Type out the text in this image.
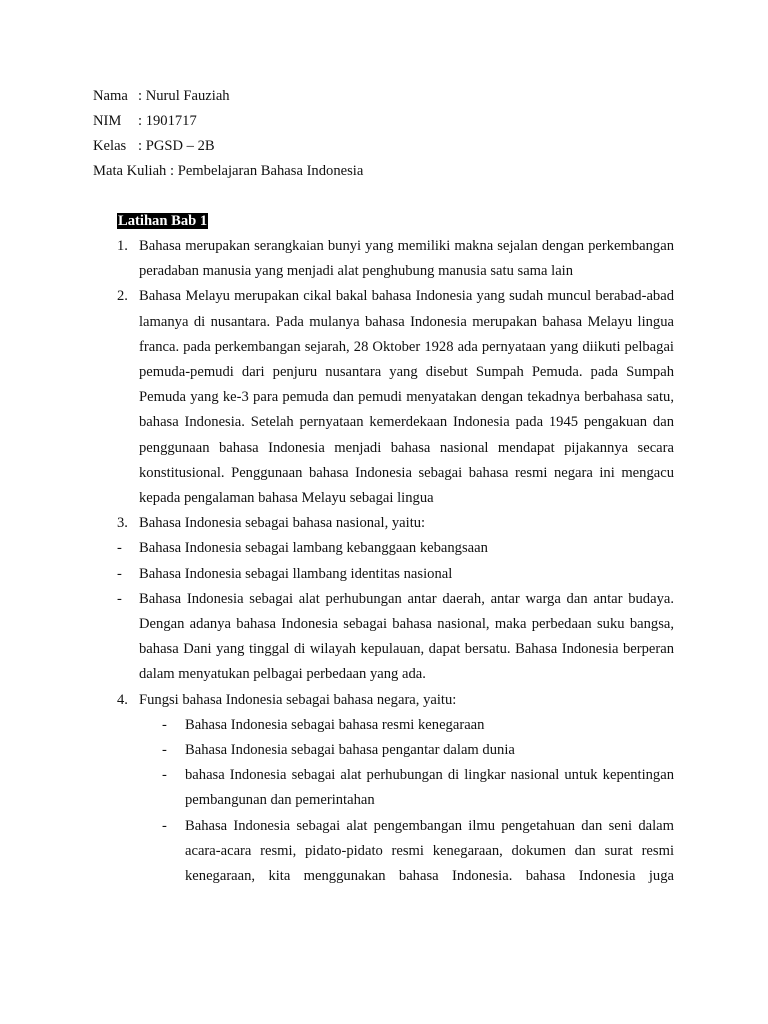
Nama : Nurul Fauziah
NIM : 1901717
Kelas : PGSD – 2B
Mata Kuliah : Pembelajaran Bahasa Indonesia
Latihan Bab 1
1. Bahasa merupakan serangkaian bunyi yang memiliki makna sejalan dengan perkembangan peradaban manusia yang menjadi alat penghubung manusia satu sama lain
2. Bahasa Melayu merupakan cikal bakal bahasa Indonesia yang sudah muncul berabad-abad lamanya di nusantara. Pada mulanya bahasa Indonesia merupakan bahasa Melayu lingua franca. pada perkembangan sejarah, 28 Oktober 1928 ada pernyataan yang diikuti pelbagai pemuda-pemudi dari penjuru nusantara yang disebut Sumpah Pemuda. pada Sumpah Pemuda yang ke-3 para pemuda dan pemudi menyatakan dengan tekadnya berbahasa satu, bahasa Indonesia. Setelah pernyataan kemerdekaan Indonesia pada 1945 pengakuan dan penggunaan bahasa Indonesia menjadi bahasa nasional mendapat pijakannya secara konstitusional. Penggunaan bahasa Indonesia sebagai bahasa resmi negara ini mengacu kepada pengalaman bahasa Melayu sebagai lingua
3. Bahasa Indonesia sebagai bahasa nasional, yaitu:
- Bahasa Indonesia sebagai lambang kebanggaan kebangsaan
- Bahasa Indonesia sebagai llambang identitas nasional
- Bahasa Indonesia sebagai alat perhubungan antar daerah, antar warga dan antar budaya. Dengan adanya bahasa Indonesia sebagai bahasa nasional, maka perbedaan suku bangsa, bahasa Dani yang tinggal di wilayah kepulauan, dapat bersatu. Bahasa Indonesia berperan dalam menyatukan pelbagai perbedaan yang ada.
4. Fungsi bahasa Indonesia sebagai bahasa negara, yaitu:
- Bahasa Indonesia sebagai bahasa resmi kenegaraan
- Bahasa Indonesia sebagai bahasa pengantar dalam dunia
- bahasa Indonesia sebagai alat perhubungan di lingkar nasional untuk kepentingan pembangunan dan pemerintahan
- Bahasa Indonesia sebagai alat pengembangan ilmu pengetahuan dan seni dalam acara-acara resmi, pidato-pidato resmi kenegaraan, dokumen dan surat resmi kenegaraan, kita menggunakan bahasa Indonesia. bahasa Indonesia juga
